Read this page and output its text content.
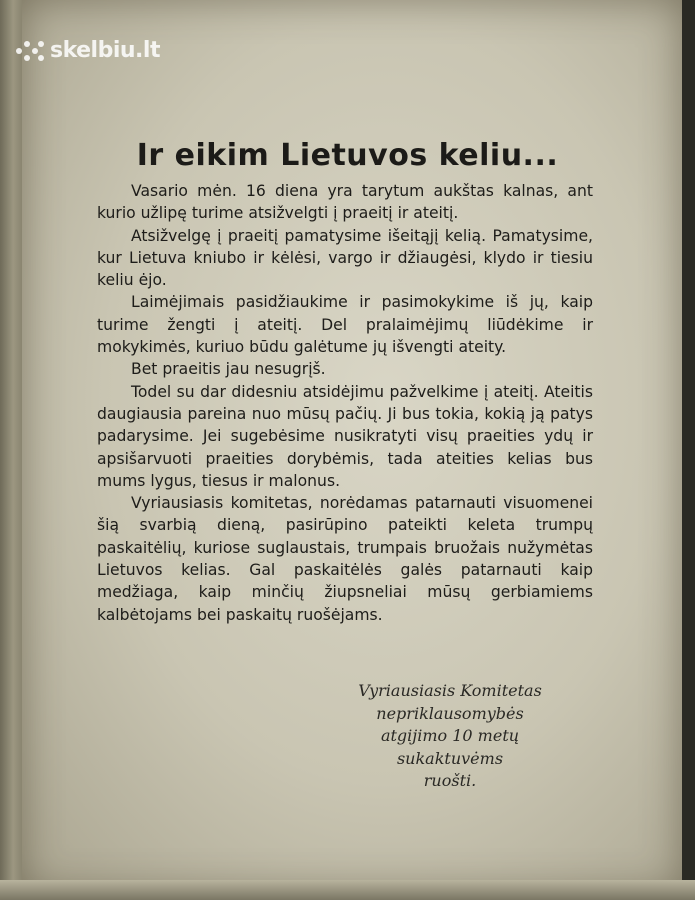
skelbiu.lt
Ir eikim Lietuvos keliu...

Vasario mėn. 16 diena yra tarytum aukštas kalnas, ant kurio užlipę turime atsižvelgti į praeitį ir ateitį.

Atsižvelgę į praeitį pamatysime išeitąjį kelią. Pamatysime, kur Lietuva kniubo ir kėlėsi, vargo ir džiaugėsi, klydo ir tiesiu keliu ėjo.

Laimėjimais pasidžiaukime ir pasimokykime iš jų, kaip turime žengti į ateitį. Del pralaimėjimų liūdėkime ir mokykimės, kuriuo būdu galėtume jų išvengti ateity.

Bet praeitis jau nesugrįš.

Todel su dar didesniu atsidėjimu pažvelkime į ateitį. Ateitis daugiausia pareina nuo mūsų pačių. Ji bus tokia, kokią ją patys padarysime. Jei sugebėsime nusikratyti visų praeities ydų ir apsišarvuoti praeities dorybėmis, tada ateities kelias bus mums lygus, tiesus ir malonus.

Vyriausiasis komitetas, norėdamas patarnauti visuomenei šią svarbią dieną, pasirūpino pateikti keleta trumpų paskaitėlių, kuriose suglaustais, trumpais bruožais nužymėtas Lietuvos kelias. Gal paskaitėlės galės patarnauti kaip medžiaga, kaip minčių žiupsneliai mūsų gerbiamiems kalbėtojams bei paskaitų ruošėjams.

Vyriausiasis Komitetas
nepriklausomybės
atgijimo 10 metų
sukaktuvėms
ruošti.
